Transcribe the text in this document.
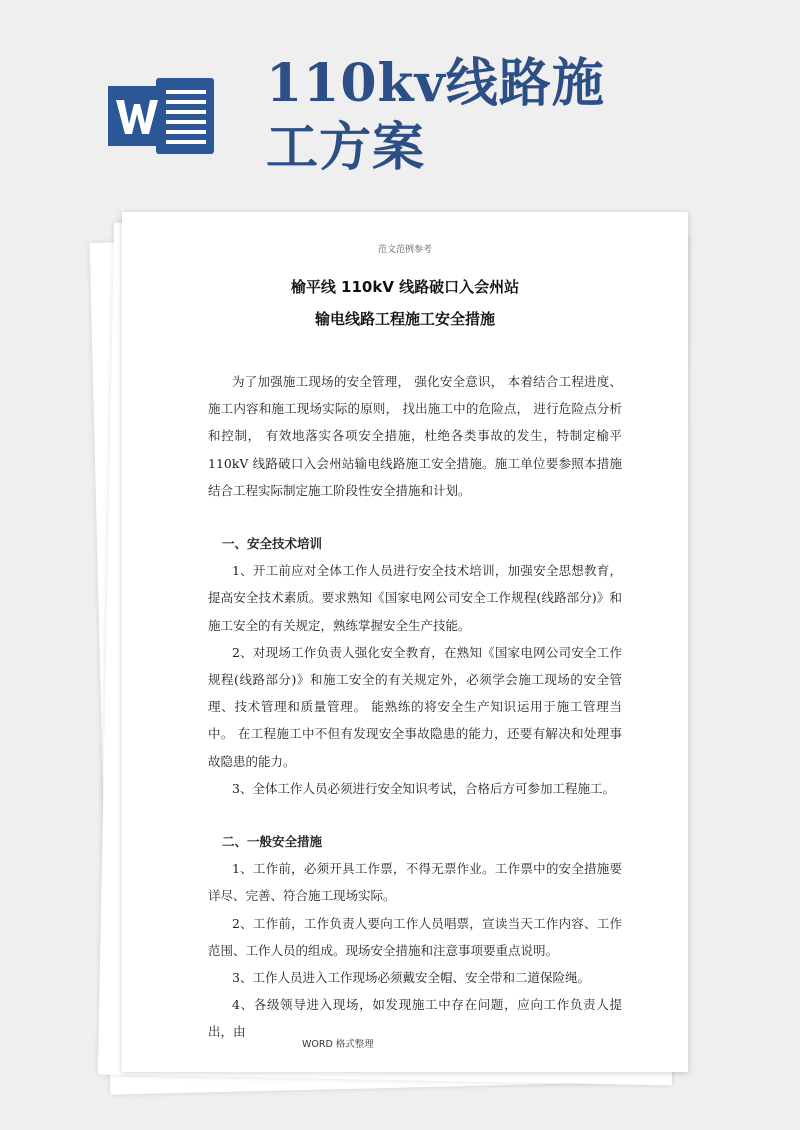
110kv线路施
工方案

范文范例参考

榆平线 110kV 线路破口入会州站

输电线路工程施工安全措施

为了加强施工现场的安全管理， 强化安全意识， 本着结合工程进度、 施工内容和施工现场实际的原则， 找出施工中的危险点， 进行危险点分析和控制， 有效地落实各项安全措施，杜绝各类事故的发生，特制定榆平 110kV 线路破口入会州站输电线路施工安全措施。施工单位要参照本措施结合工程实际制定施工阶段性安全措施和计划。

一、安全技术培训

1、开工前应对全体工作人员进行安全技术培训，加强安全思想教育，提高安全技术素质。要求熟知《国家电网公司安全工作规程(线路部分)》和施工安全的有关规定，熟练掌握安全生产技能。

2、对现场工作负责人强化安全教育，在熟知《国家电网公司安全工作规程(线路部分)》和施工安全的有关规定外，必须学会施工现场的安全管理、技术管理和质量管理。 能熟练的将安全生产知识运用于施工管理当中。 在工程施工中不但有发现安全事故隐患的能力，还要有解决和处理事故隐患的能力。

3、全体工作人员必须进行安全知识考试，合格后方可参加工程施工。

二、一般安全措施

1、工作前，必须开具工作票，不得无票作业。工作票中的安全措施要详尽、完善、符合施工现场实际。

2、工作前，工作负责人要向工作人员唱票，宣读当天工作内容、工作范围、工作人员的组成。现场安全措施和注意事项要重点说明。

3、工作人员进入工作现场必须戴安全帽、安全带和二道保险绳。

4、各级领导进入现场，如发现施工中存在问题，应向工作负责人提出，由

WORD 格式整理
